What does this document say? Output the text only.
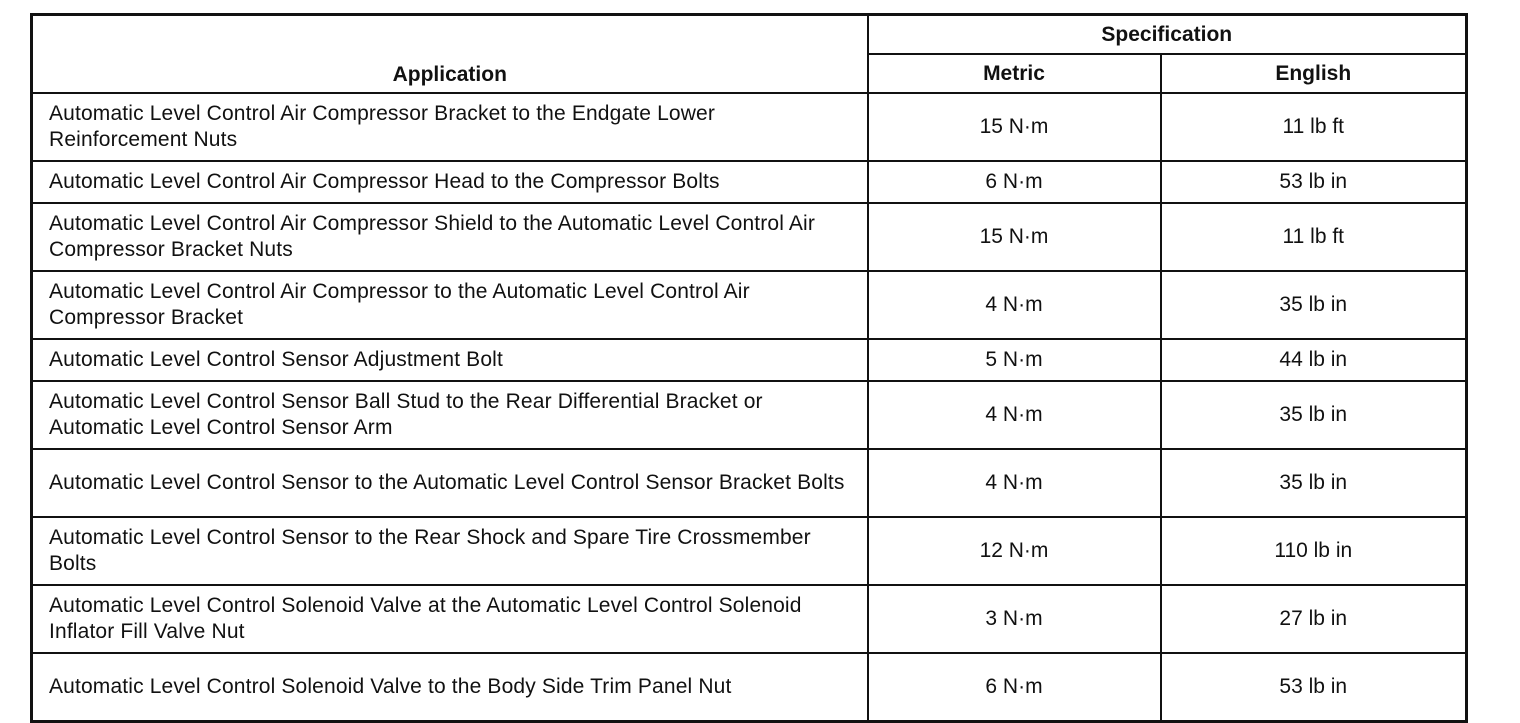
Application	Specification	
	Metric	English
Automatic Level Control Air Compressor Bracket to the Endgate Lower Reinforcement Nuts	15 N·m	11 lb ft
Automatic Level Control Air Compressor Head to the Compressor Bolts	6 N·m	53 lb in
Automatic Level Control Air Compressor Shield to the Automatic Level Control Air Compressor Bracket Nuts	15 N·m	11 lb ft
Automatic Level Control Air Compressor to the Automatic Level Control Air Compressor Bracket	4 N·m	35 lb in
Automatic Level Control Sensor Adjustment Bolt	5 N·m	44 lb in
Automatic Level Control Sensor Ball Stud to the Rear Differential Bracket or Automatic Level Control Sensor Arm	4 N·m	35 lb in
Automatic Level Control Sensor to the Automatic Level Control Sensor Bracket Bolts	4 N·m	35 lb in
Automatic Level Control Sensor to the Rear Shock and Spare Tire Crossmember Bolts	12 N·m	110 lb in
Automatic Level Control Solenoid Valve at the Automatic Level Control Solenoid Inflator Fill Valve Nut	3 N·m	27 lb in
Automatic Level Control Solenoid Valve to the Body Side Trim Panel Nut	6 N·m	53 lb in
